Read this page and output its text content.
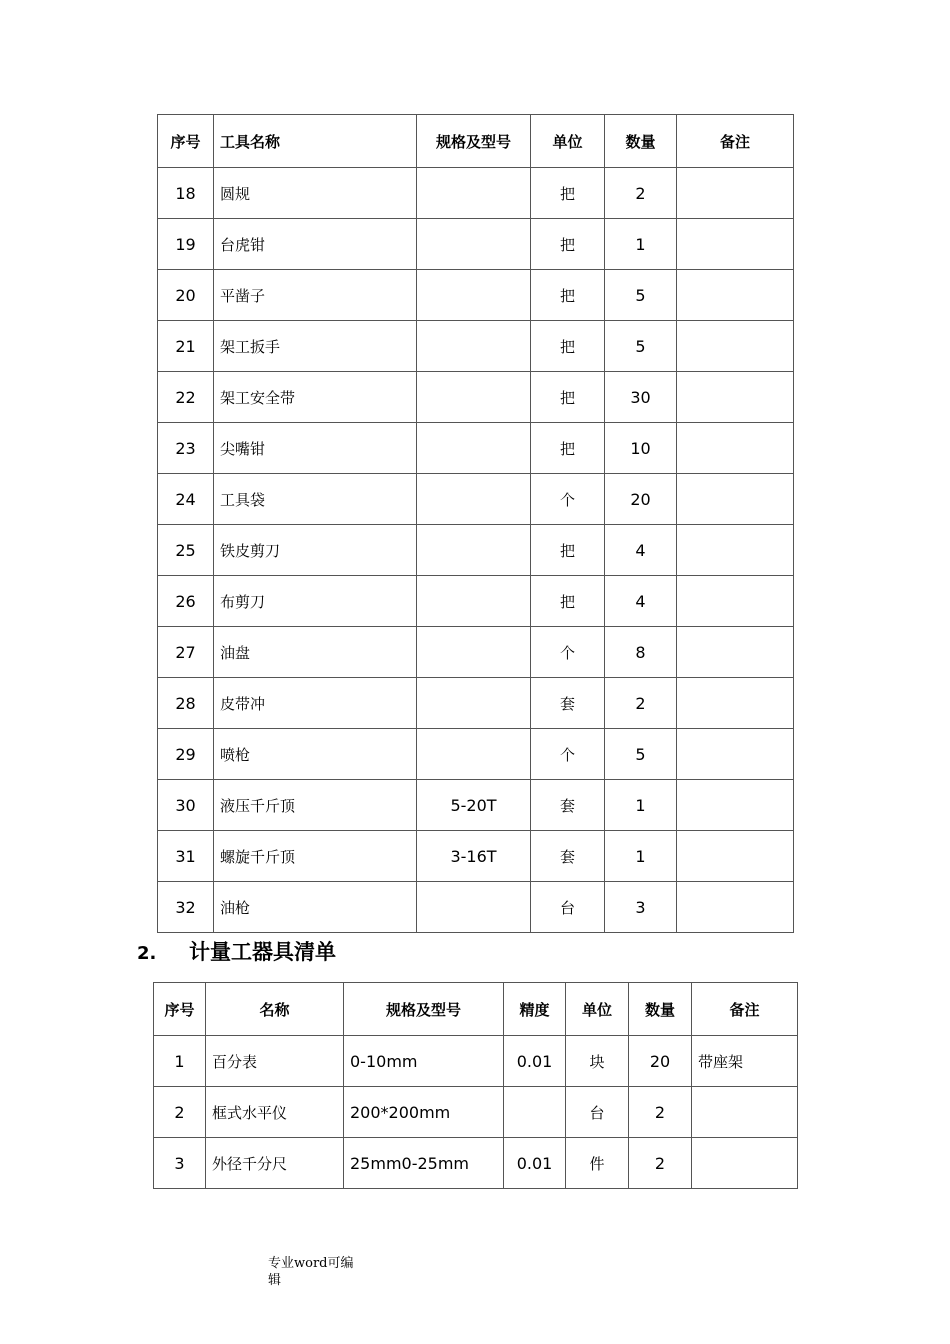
序号	工具名称	规格及型号	单位	数量	备注
18	圆规		把	2	
19	台虎钳		把	1	
20	平凿子		把	5	
21	架工扳手		把	5	
22	架工安全带		把	30	
23	尖嘴钳		把	10	
24	工具袋		个	20	
25	铁皮剪刀		把	4	
26	布剪刀		把	4	
27	油盘		个	8	
28	皮带冲		套	2	
29	喷枪		个	5	
30	液压千斤顶	5-20T	套	1	
31	螺旋千斤顶	3-16T	套	1	
32	油枪		台	3	
2. 计量工器具清单
序号	名称	规格及型号	精度	单位	数量	备注
1	百分表	0-10mm	0.01	块	20	带座架
2	框式水平仪	200*200mm		台	2	
3	外径千分尺	25mm0-25mm	0.01	件	2	
专业word可编辑
